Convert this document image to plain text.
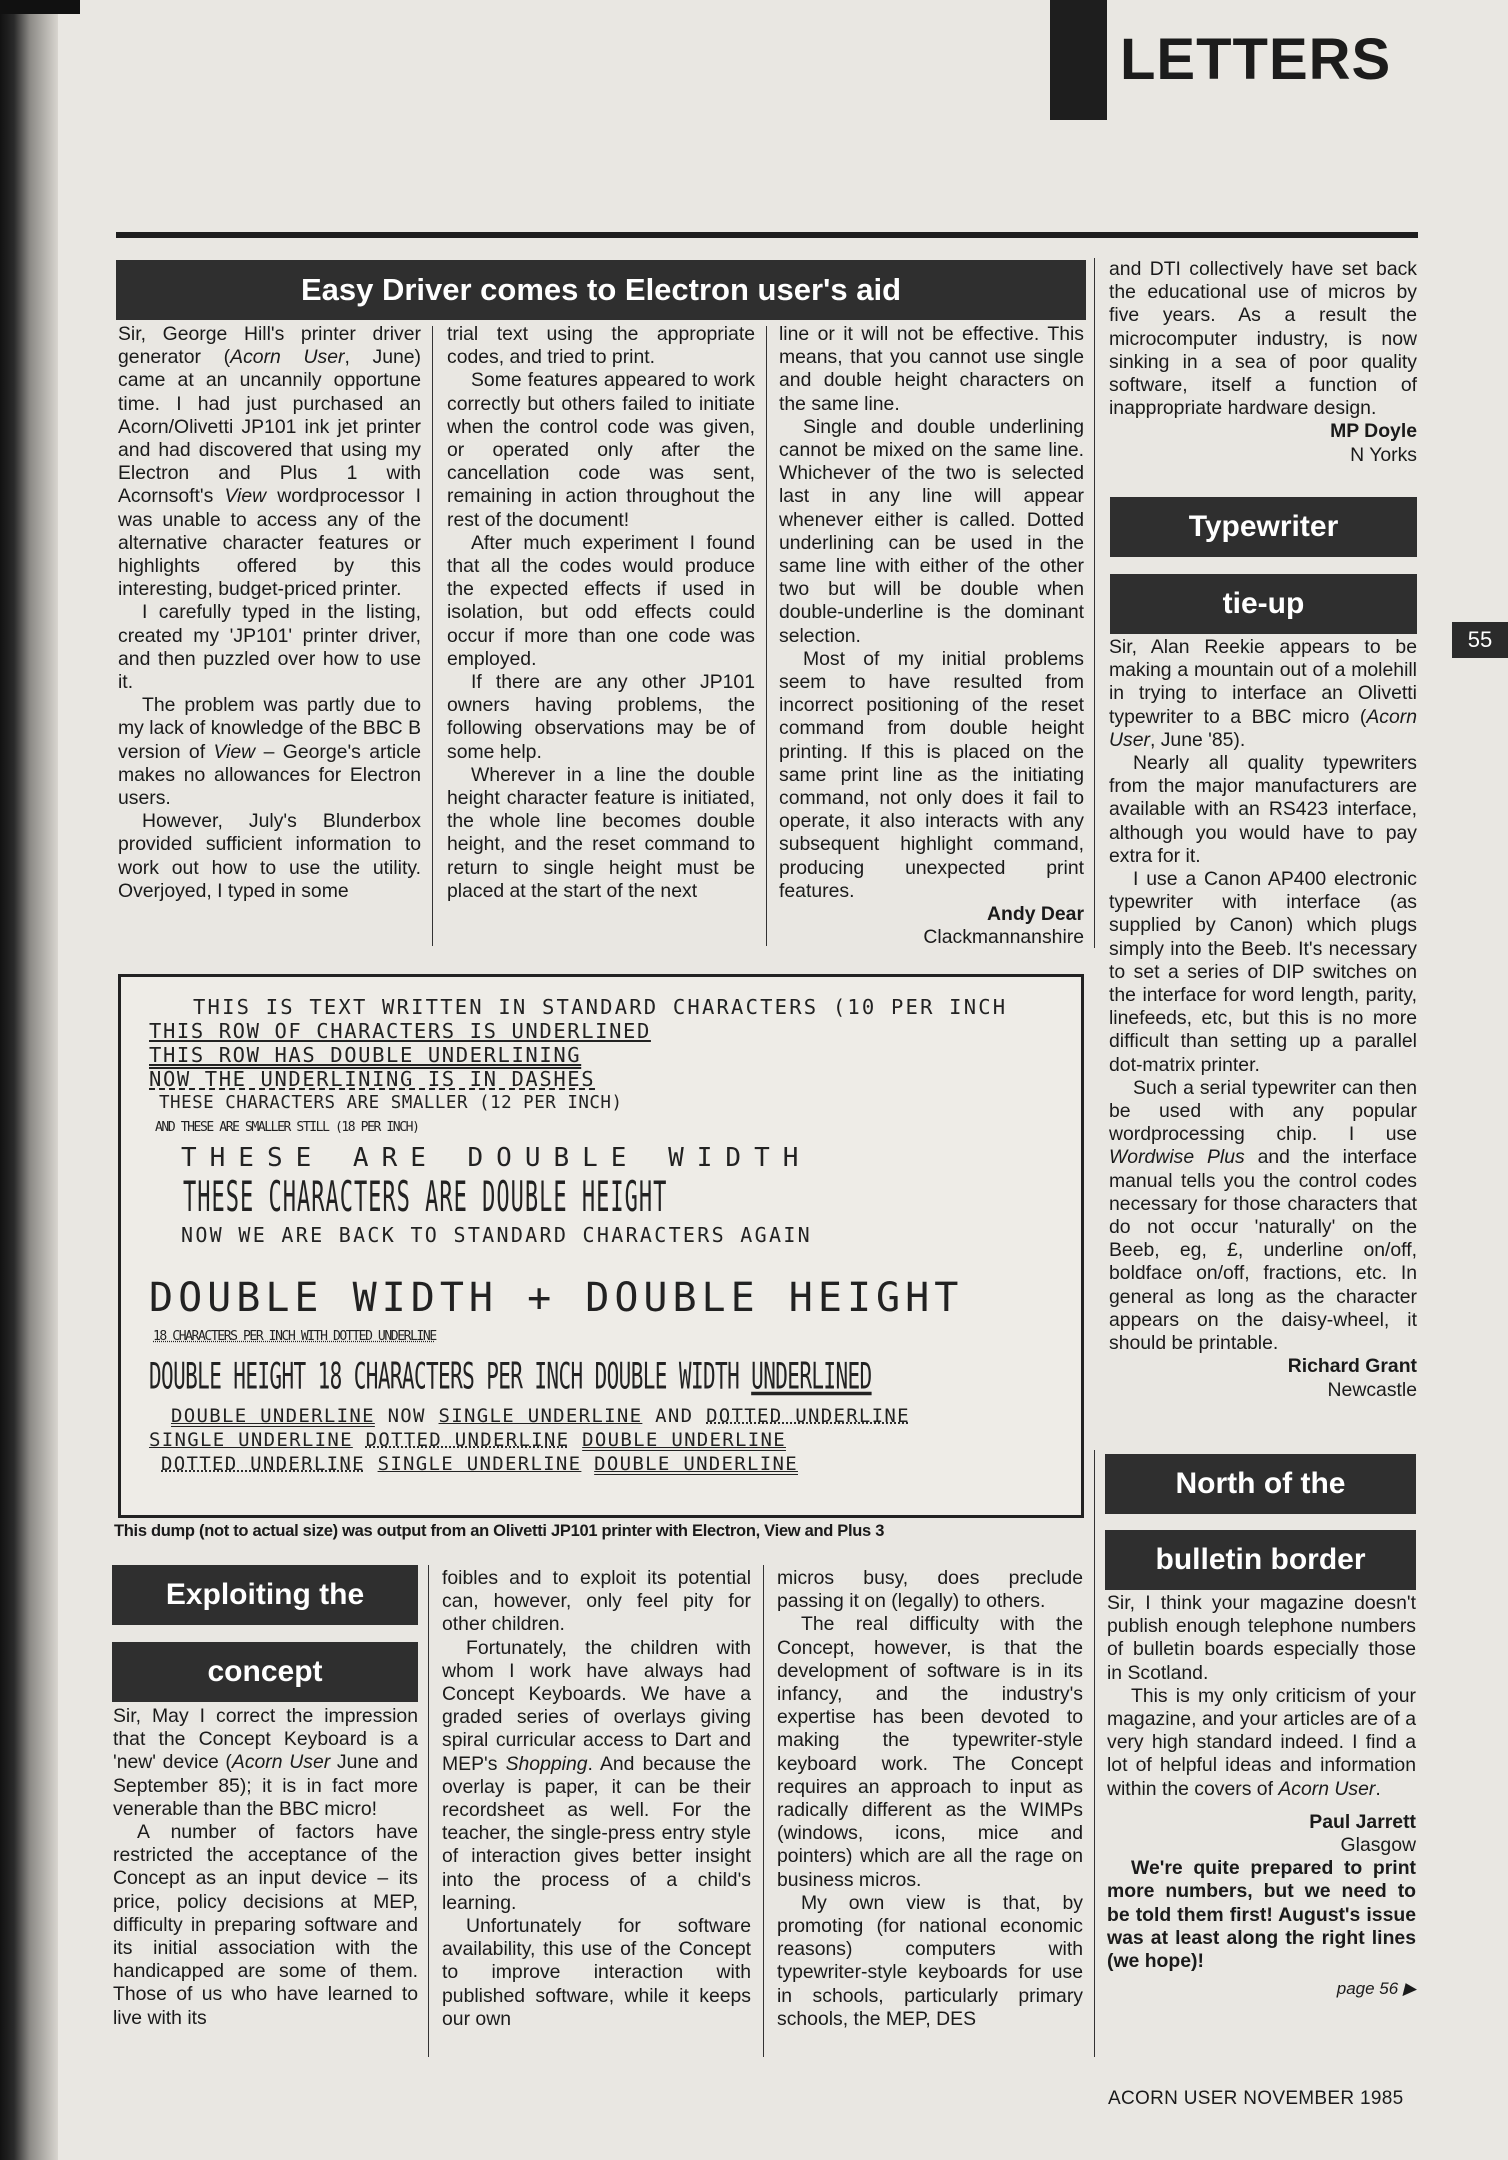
LETTERS
Easy Driver comes to Electron user's aid

Sir, George Hill's printer driver generator (Acorn User, June) came at an uncannily opportune time. I had just purchased an Acorn/Olivetti JP101 ink jet printer and had discovered that using my Electron and Plus 1 with Acornsoft's View wordprocessor I was unable to access any of the alternative character features or highlights offered by this interesting, budget-priced printer.

I carefully typed in the listing, created my 'JP101' printer driver, and then puzzled over how to use it.

The problem was partly due to my lack of knowledge of the BBC B version of View – George's article makes no allowances for Electron users.

However, July's Blunderbox provided sufficient information to work out how to use the utility. Overjoyed, I typed in some

trial text using the appropriate codes, and tried to print.

Some features appeared to work correctly but others failed to initiate when the control code was given, or operated only after the cancellation code was sent, remaining in action throughout the rest of the document!

After much experiment I found that all the codes would produce the expected effects if used in isolation, but odd effects could occur if more than one code was employed.

If there are any other JP101 owners having problems, the following observations may be of some help.

Wherever in a line the double height character feature is initiated, the whole line becomes double height, and the reset command to return to single height must be placed at the start of the next

line or it will not be effective. This means, that you cannot use single and double height characters on the same line.

Single and double underlining cannot be mixed on the same line. Whichever of the two is selected last in any line will appear whenever either is called. Dotted underlining can be used in the same line with either of the other two but will be double when double-underline is the dominant selection.

Most of my initial problems seem to have resulted from incorrect positioning of the reset command from double height printing. If this is placed on the same print line as the initiating command, not only does it fail to operate, it also interacts with any subsequent highlight command, producing unexpected print features.

Andy Dear

Clackmannanshire

and DTI collectively have set back the educational use of micros by five years. As a result the microcomputer industry, is now sinking in a sea of poor quality software, itself a function of inappropriate hardware design.

MP Doyle

N Yorks

Typewriter
tie-up

Sir, Alan Reekie appears to be making a mountain out of a molehill in trying to interface an Olivetti typewriter to a BBC micro (Acorn User, June '85).

Nearly all quality typewriters from the major manufacturers are available with an RS423 interface, although you would have to pay extra for it.

I use a Canon AP400 electronic typewriter with interface (as supplied by Canon) which plugs simply into the Beeb. It's necessary to set a series of DIP switches on the interface for word length, parity, linefeeds, etc, but this is no more difficult than setting up a parallel dot-matrix printer.

Such a serial typewriter can then be used with any popular wordprocessing chip. I use Wordwise Plus and the interface manual tells you the control codes necessary for those characters that do not occur 'naturally' on the Beeb, eg, £, underline on/off, boldface on/off, fractions, etc. In general as long as the character appears on the daisy-wheel, it should be printable.

Richard Grant

Newcastle

North of the
bulletin border

Sir, I think your magazine doesn't publish enough telephone numbers of bulletin boards especially those in Scotland.

This is my only criticism of your magazine, and your articles are of a very high standard indeed. I find a lot of helpful ideas and information within the covers of Acorn User.

Paul Jarrett

Glasgow

We're quite prepared to print more numbers, but we need to be told them first! August's issue was at least along the right lines (we hope)!

page 56 ▶

THIS IS TEXT WRITTEN IN STANDARD CHARACTERS (10 PER INCH
THIS ROW OF CHARACTERS IS UNDERLINED
THIS ROW HAS DOUBLE UNDERLINING
NOW THE UNDERLINING IS IN DASHES
THESE CHARACTERS ARE SMALLER (12 PER INCH)
AND THESE ARE SMALLER STILL (18 PER INCH)
THESE ARE DOUBLE WIDTH
THESE CHARACTERS ARE DOUBLE HEIGHT
NOW WE ARE BACK TO STANDARD CHARACTERS AGAIN
DOUBLE WIDTH + DOUBLE HEIGHT
18 CHARACTERS PER INCH WITH DOTTED UNDERLINE
DOUBLE HEIGHT 18 CHARACTERS PER INCH DOUBLE WIDTH UNDERLINED
DOUBLE UNDERLINE NOW SINGLE UNDERLINE AND DOTTED UNDERLINE
SINGLE UNDERLINE DOTTED UNDERLINE DOUBLE UNDERLINE
DOTTED UNDERLINE SINGLE UNDERLINE DOUBLE UNDERLINE
This dump (not to actual size) was output from an Olivetti JP101 printer with Electron, View and Plus 3
Exploiting the
concept

Sir, May I correct the impression that the Concept Keyboard is a 'new' device (Acorn User June and September 85); it is in fact more venerable than the BBC micro!

A number of factors have restricted the acceptance of the Concept as an input device – its price, policy decisions at MEP, difficulty in preparing software and its initial association with the handicapped are some of them. Those of us who have learned to live with its

foibles and to exploit its potential can, however, only feel pity for other children.

Fortunately, the children with whom I work have always had Concept Keyboards. We have a graded series of overlays giving spiral curricular access to Dart and MEP's Shopping. And because the overlay is paper, it can be their recordsheet as well. For the teacher, the single-press entry style of interaction gives better insight into the process of a child's learning.

Unfortunately for software availability, this use of the Concept to improve interaction with published software, while it keeps our own

micros busy, does preclude passing it on (legally) to others.

The real difficulty with the Concept, however, is that the development of software is in its infancy, and the industry's expertise has been devoted to making the typewriter-style keyboard work. The Concept requires an approach to input as radically different as the WIMPs (windows, icons, mice and pointers) which are all the rage on business micros.

My own view is that, by promoting (for national economic reasons) computers with typewriter-style keyboards for use in schools, particularly primary schools, the MEP, DES

55
ACORN USER NOVEMBER 1985
